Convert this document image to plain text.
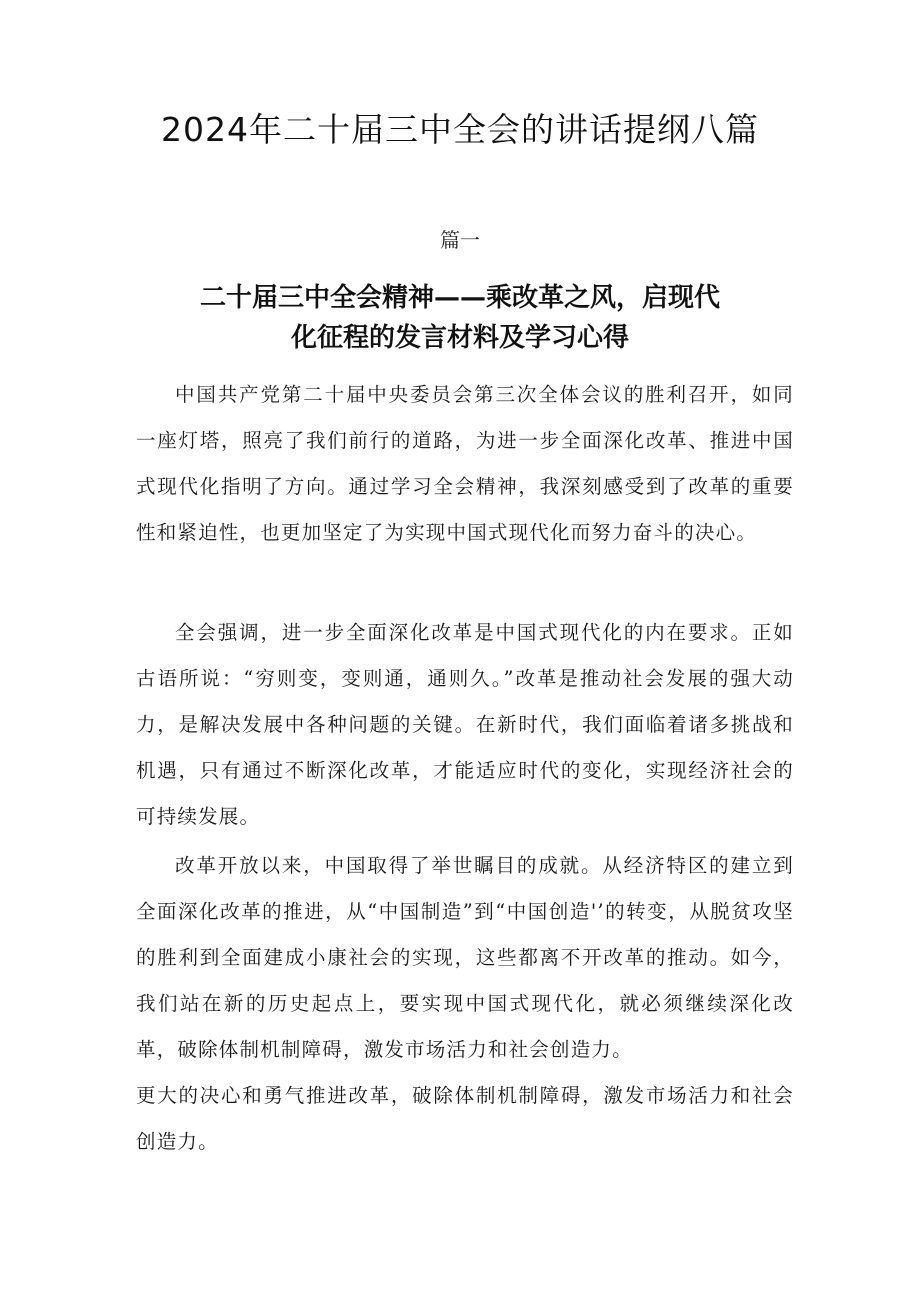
2024年二十届三中全会的讲话提纲八篇
篇一
二十届三中全会精神——乘改革之风，启现代
化征程的发言材料及学习心得

中国共产党第二十届中央委员会第三次全体会议的胜利召开，如同一座灯塔，照亮了我们前行的道路，为进一步全面深化改革、推进中国式现代化指明了方向。通过学习全会精神，我深刻感受到了改革的重要性和紧迫性，也更加坚定了为实现中国式现代化而努力奋斗的决心。

全会强调，进一步全面深化改革是中国式现代化的内在要求。正如古语所说：“穷则变，变则通，通则久。”改革是推动社会发展的强大动力，是解决发展中各种问题的关键。在新时代，我们面临着诸多挑战和机遇，只有通过不断深化改革，才能适应时代的变化，实现经济社会的可持续发展。

改革开放以来，中国取得了举世瞩目的成就。从经济特区的建立到全面深化改革的推进，从“中国制造”到“中国创造'’的转变，从脱贫攻坚的胜利到全面建成小康社会的实现，这些都离不开改革的推动。如今，我们站在新的历史起点上，要实现中国式现代化，就必须继续深化改革，破除体制机制障碍，激发市场活力和社会创造力。

更大的决心和勇气推进改革，破除体制机制障碍，激发市场活力和社会创造力。
